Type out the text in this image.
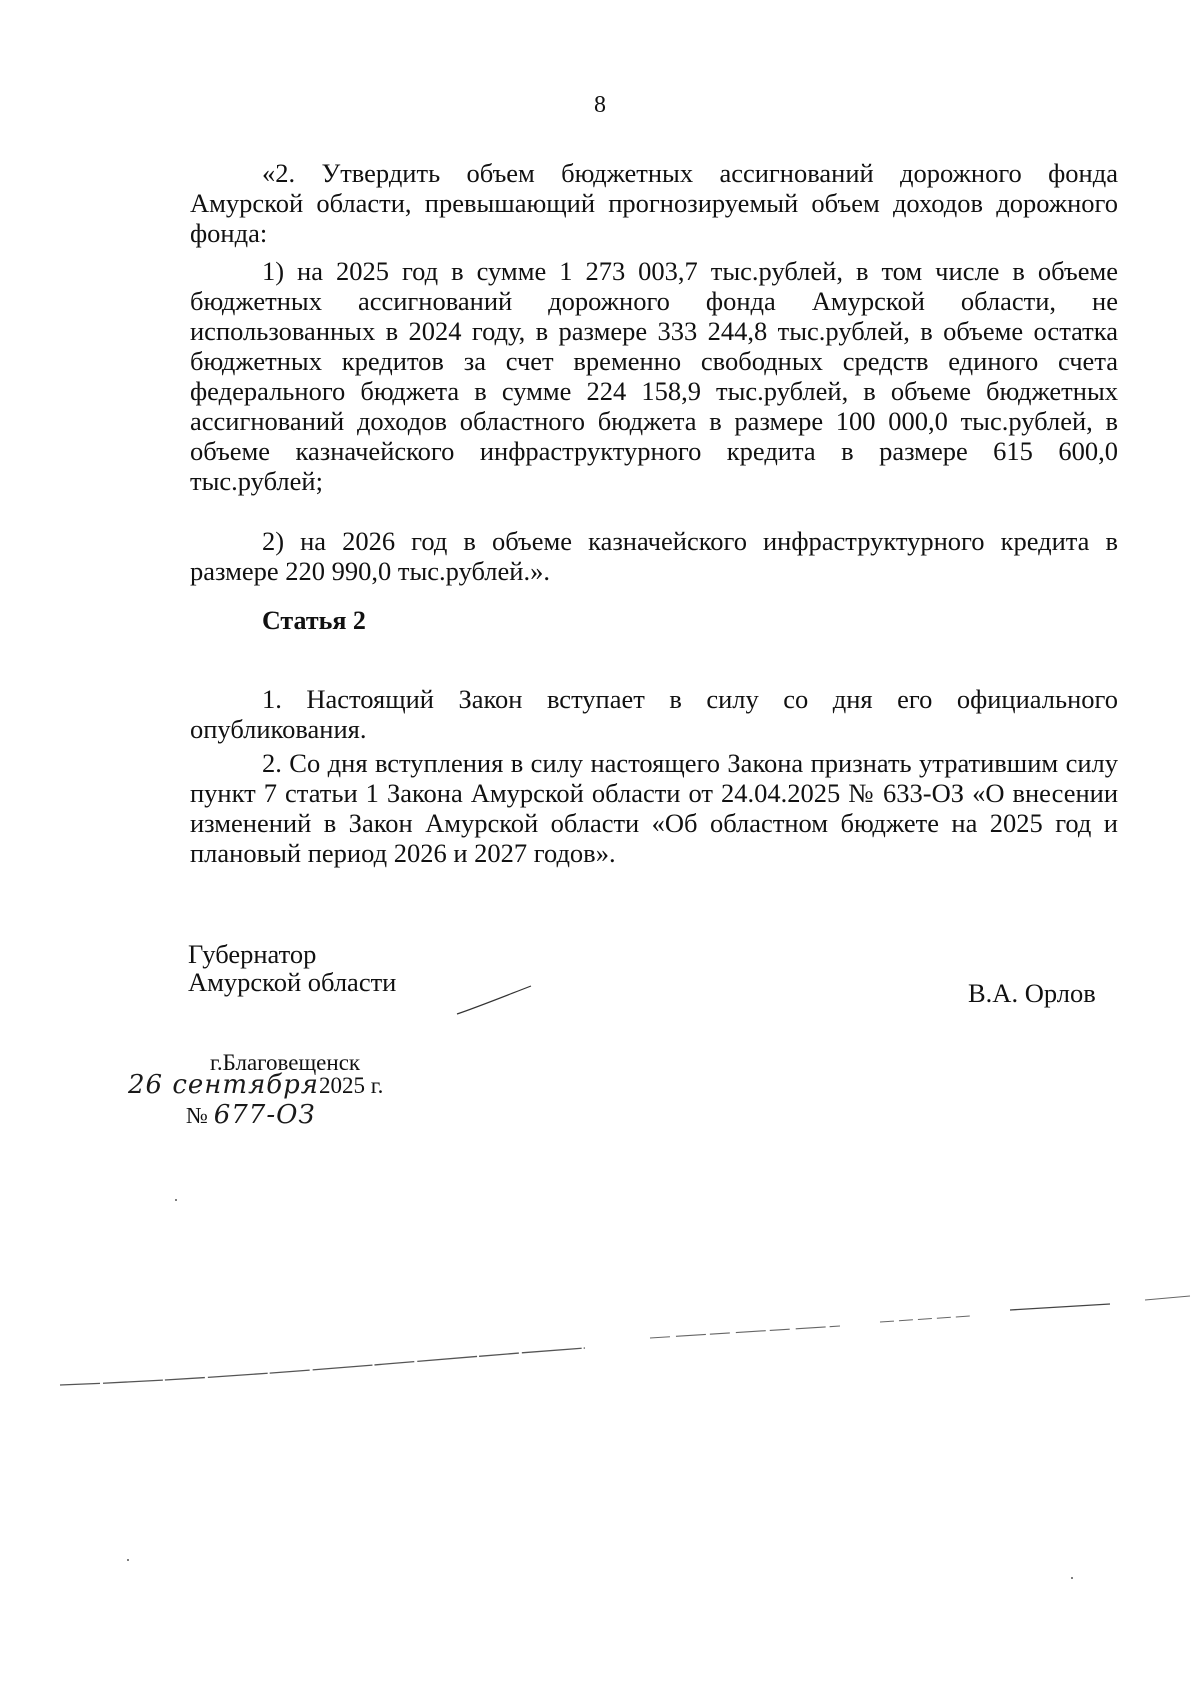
8

«2. Утвердить объем бюджетных ассигнований дорожного фонда Амурской области, превышающий прогнозируемый объем доходов дорожного фонда:

1) на 2025 год в сумме 1 273 003,7 тыс.рублей, в том числе в объеме бюджетных ассигнований дорожного фонда Амурской области, не использованных в 2024 году, в размере 333 244,8 тыс.рублей, в объеме остатка бюджетных кредитов за счет временно свободных средств единого счета федерального бюджета в сумме 224 158,9 тыс.рублей, в объеме бюджетных ассигнований доходов областного бюджета в размере 100 000,0 тыс.рублей, в объеме казначейского инфраструктурного кредита в размере 615 600,0 тыс.рублей;

2) на 2026 год в объеме казначейского инфраструктурного кредита в размере 220 990,0 тыс.рублей.».

Статья 2

1. Настоящий Закон вступает в силу со дня его официального опубликования.

2. Со дня вступления в силу настоящего Закона признать утратившим силу пункт 7 статьи 1 Закона Амурской области от 24.04.2025 № 633-ОЗ «О внесении изменений в Закон Амурской области «Об областном бюджете на 2025 год и плановый период 2026 и 2027 годов».

Губернатор
Амурской области	В.А. Орлов
г.Благовещенск
26 сентября2025 г.
№ 677-ОЗ
